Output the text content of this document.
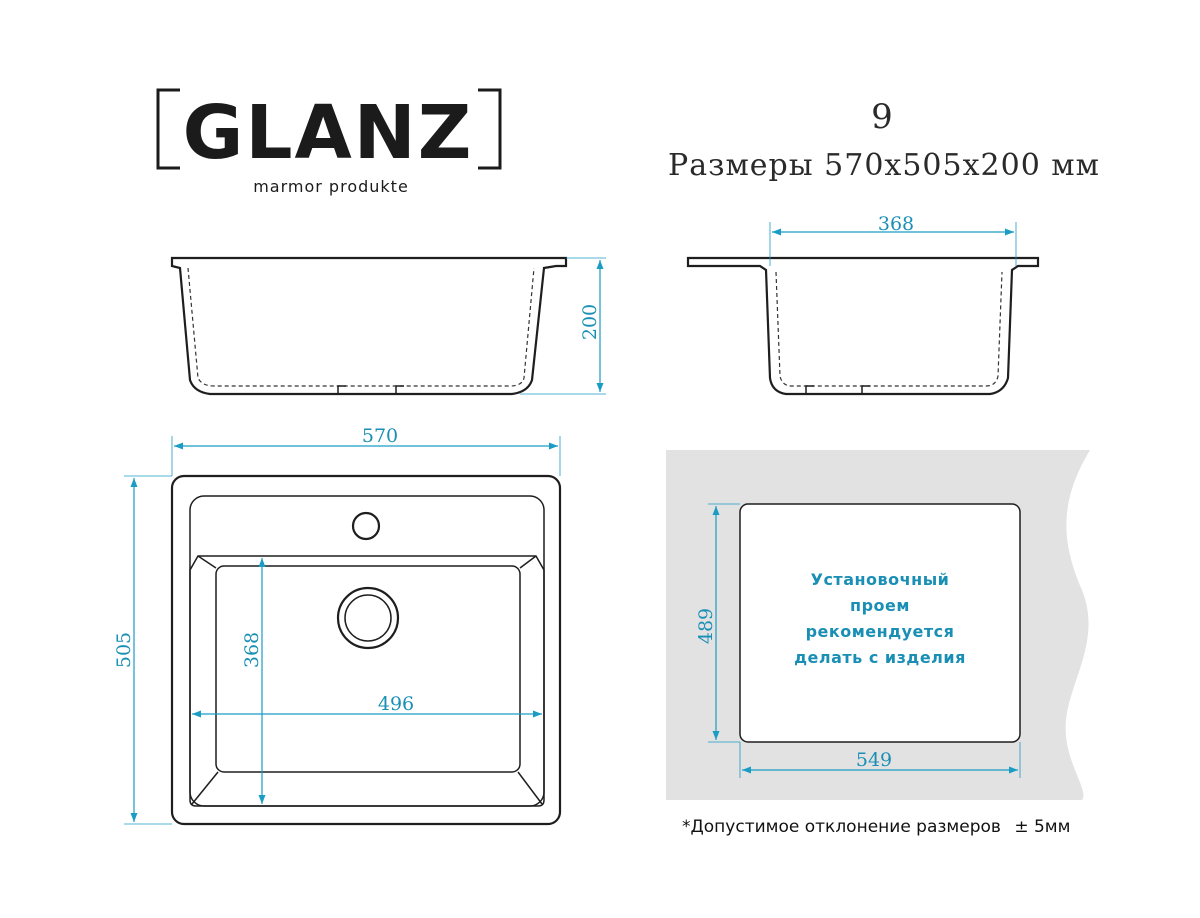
GLANZ
marmor produkte
9
Размеры 570х505х200 мм
200
368
570
505	368
496
Установочный
проем
рекомендуется
делать с изделия
489
549
*Допустимое отклонение размеров ± 5мм
